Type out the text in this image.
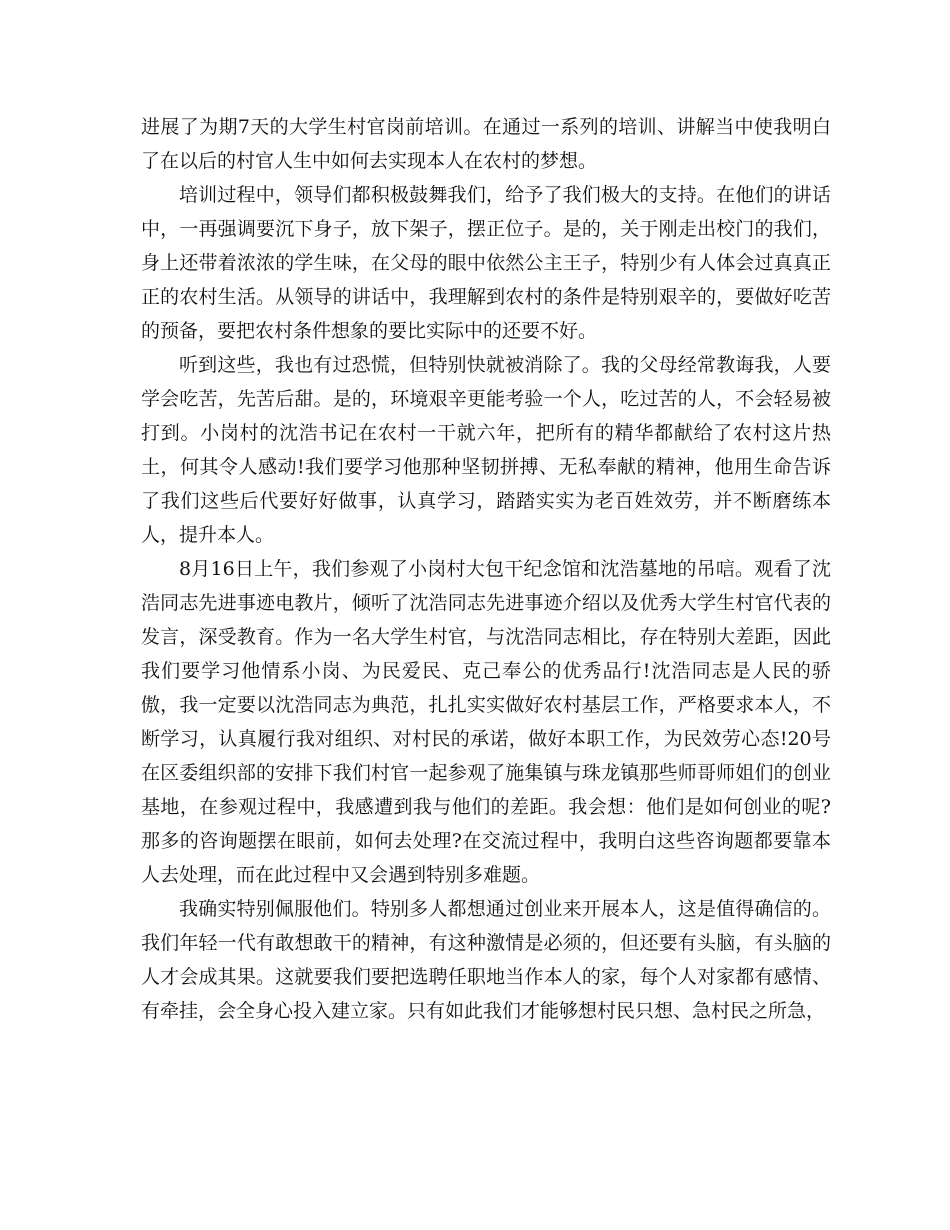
进展了为期7天的大学生村官岗前培训。在通过一系列的培训、讲解当中使我明白了在以后的村官人生中如何去实现本人在农村的梦想。

培训过程中，领导们都积极鼓舞我们，给予了我们极大的支持。在他们的讲话中，一再强调要沉下身子，放下架子，摆正位子。是的，关于刚走出校门的我们，身上还带着浓浓的学生味，在父母的眼中依然公主王子，特别少有人体会过真真正正的农村生活。从领导的讲话中，我理解到农村的条件是特别艰辛的，要做好吃苦的预备，要把农村条件想象的要比实际中的还要不好。

听到这些，我也有过恐慌，但特别快就被消除了。我的父母经常教诲我，人要学会吃苦，先苦后甜。是的，环境艰辛更能考验一个人，吃过苦的人，不会轻易被打到。小岗村的沈浩书记在农村一干就六年，把所有的精华都献给了农村这片热土，何其令人感动!我们要学习他那种坚韧拼搏、无私奉献的精神，他用生命告诉了我们这些后代要好好做事，认真学习，踏踏实实为老百姓效劳，并不断磨练本人，提升本人。

8月16日上午，我们参观了小岗村大包干纪念馆和沈浩墓地的吊唁。观看了沈浩同志先进事迹电教片，倾听了沈浩同志先进事迹介绍以及优秀大学生村官代表的发言，深受教育。作为一名大学生村官，与沈浩同志相比，存在特别大差距，因此我们要学习他情系小岗、为民爱民、克己奉公的优秀品行!沈浩同志是人民的骄傲，我一定要以沈浩同志为典范，扎扎实实做好农村基层工作，严格要求本人，不断学习，认真履行我对组织、对村民的承诺，做好本职工作，为民效劳心态!20号在区委组织部的安排下我们村官一起参观了施集镇与珠龙镇那些师哥师姐们的创业基地，在参观过程中，我感遭到我与他们的差距。我会想：他们是如何创业的呢?那多的咨询题摆在眼前，如何去处理?在交流过程中，我明白这些咨询题都要靠本人去处理，而在此过程中又会遇到特别多难题。

我确实特别佩服他们。特别多人都想通过创业来开展本人，这是值得确信的。我们年轻一代有敢想敢干的精神，有这种激情是必须的，但还要有头脑，有头脑的人才会成其果。这就要我们要把选聘任职地当作本人的家，每个人对家都有感情、有牵挂，会全身心投入建立家。只有如此我们才能够想村民只想、急村民之所急，
